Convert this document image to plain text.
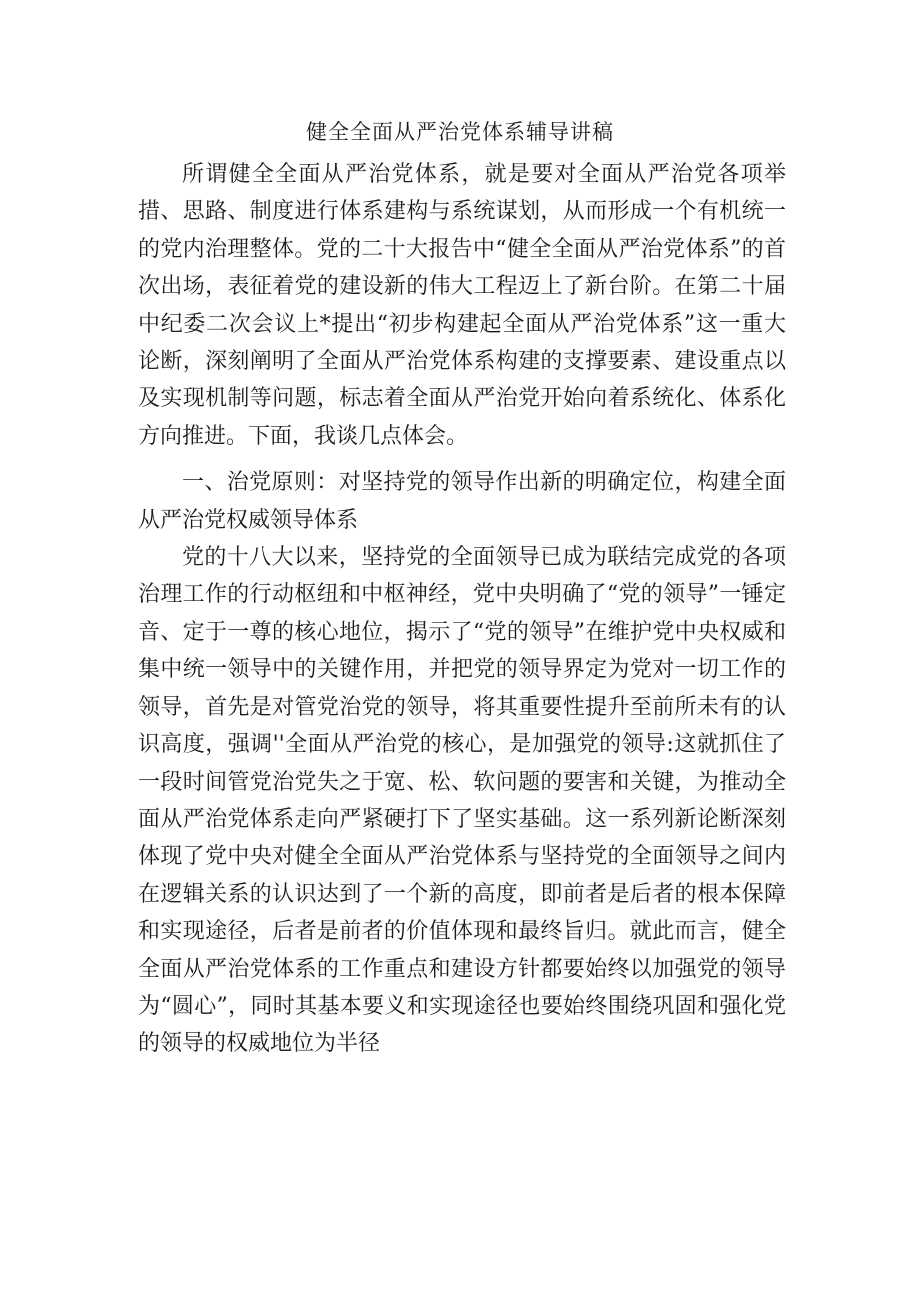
健全全面从严治党体系辅导讲稿

所谓健全全面从严治党体系，就是要对全面从严治党各项举措、思路、制度进行体系建构与系统谋划，从而形成一个有机统一的党内治理整体。党的二十大报告中“健全全面从严治党体系”的首次出场，表征着党的建设新的伟大工程迈上了新台阶。在第二十届中纪委二次会议上*提出“初步构建起全面从严治党体系”这一重大论断，深刻阐明了全面从严治党体系构建的支撑要素、建设重点以及实现机制等问题，标志着全面从严治党开始向着系统化、体系化方向推进。下面，我谈几点体会。

一、治党原则：对坚持党的领导作出新的明确定位，构建全面从严治党权威领导体系

党的十八大以来，坚持党的全面领导已成为联结完成党的各项治理工作的行动枢纽和中枢神经，党中央明确了“党的领导”一锤定音、定于一尊的核心地位，揭示了“党的领导”在维护党中央权威和集中统一领导中的关键作用，并把党的领导界定为党对一切工作的领导，首先是对管党治党的领导，将其重要性提升至前所未有的认识高度，强调''全面从严治党的核心，是加强党的领导:这就抓住了一段时间管党治党失之于宽、松、软问题的要害和关键，为推动全面从严治党体系走向严紧硬打下了坚实基础。这一系列新论断深刻体现了党中央对健全全面从严治党体系与坚持党的全面领导之间内在逻辑关系的认识达到了一个新的高度，即前者是后者的根本保障和实现途径，后者是前者的价值体现和最终旨归。就此而言，健全全面从严治党体系的工作重点和建设方针都要始终以加强党的领导为“圆心”，同时其基本要义和实现途径也要始终围绕巩固和强化党的领导的权威地位为半径
